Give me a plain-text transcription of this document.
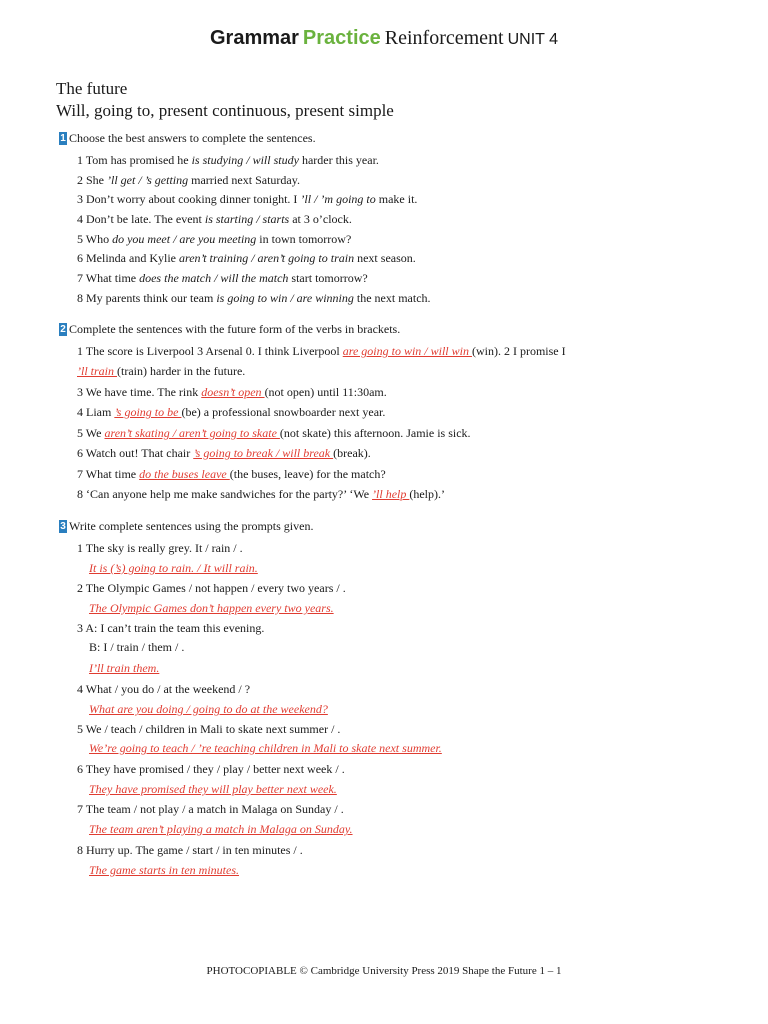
Grammar Practice Reinforcement UNIT 4
The future
Will, going to, present continuous, present simple
1 Choose the best answers to complete the sentences.
1 Tom has promised he is studying / will study harder this year.
2 She ’ll get / ’s getting married next Saturday.
3 Don’t worry about cooking dinner tonight. I ’ll / ’m going to make it.
4 Don’t be late. The event is starting / starts at 3 o’clock.
5 Who do you meet / are you meeting in town tomorrow?
6 Melinda and Kylie aren’t training / aren’t going to train next season.
7 What time does the match / will the match start tomorrow?
8 My parents think our team is going to win / are winning the next match.
2 Complete the sentences with the future form of the verbs in brackets.
1 The score is Liverpool 3 Arsenal 0. I think Liverpool are going to win / will win (win). 2 I promise I
’ll train (train) harder in the future.
3 We have time. The rink doesn’t open (not open) until 11:30am.
4 Liam ’s going to be (be) a professional snowboarder next year.
5 We aren’t skating / aren’t going to skate (not skate) this afternoon. Jamie is sick.
6 Watch out! That chair ’s going to break / will break (break).
7 What time do the buses leave (the buses, leave) for the match?
8 ‘Can anyone help me make sandwiches for the party?’ ‘We ’ll help (help).’
3 Write complete sentences using the prompts given.
1 The sky is really grey. It / rain / .
It is (’s) going to rain. / It will rain.
2 The Olympic Games / not happen / every two years / .
The Olympic Games don’t happen every two years.
3 A: I can’t train the team this evening.
B: I / train / them / .
I’ll train them.
4 What / you do / at the weekend / ?
What are you doing / going to do at the weekend?
5 We / teach / children in Mali to skate next summer / .
We’re going to teach / ’re teaching children in Mali to skate next summer.
6 They have promised / they / play / better next week / .
They have promised they will play better next week.
7 The team / not play / a match in Malaga on Sunday / .
The team aren’t playing a match in Malaga on Sunday.
8 Hurry up. The game / start / in ten minutes / .
The game starts in ten minutes.
PHOTOCOPIABLE © Cambridge University Press 2019 Shape the Future 1 – 1
